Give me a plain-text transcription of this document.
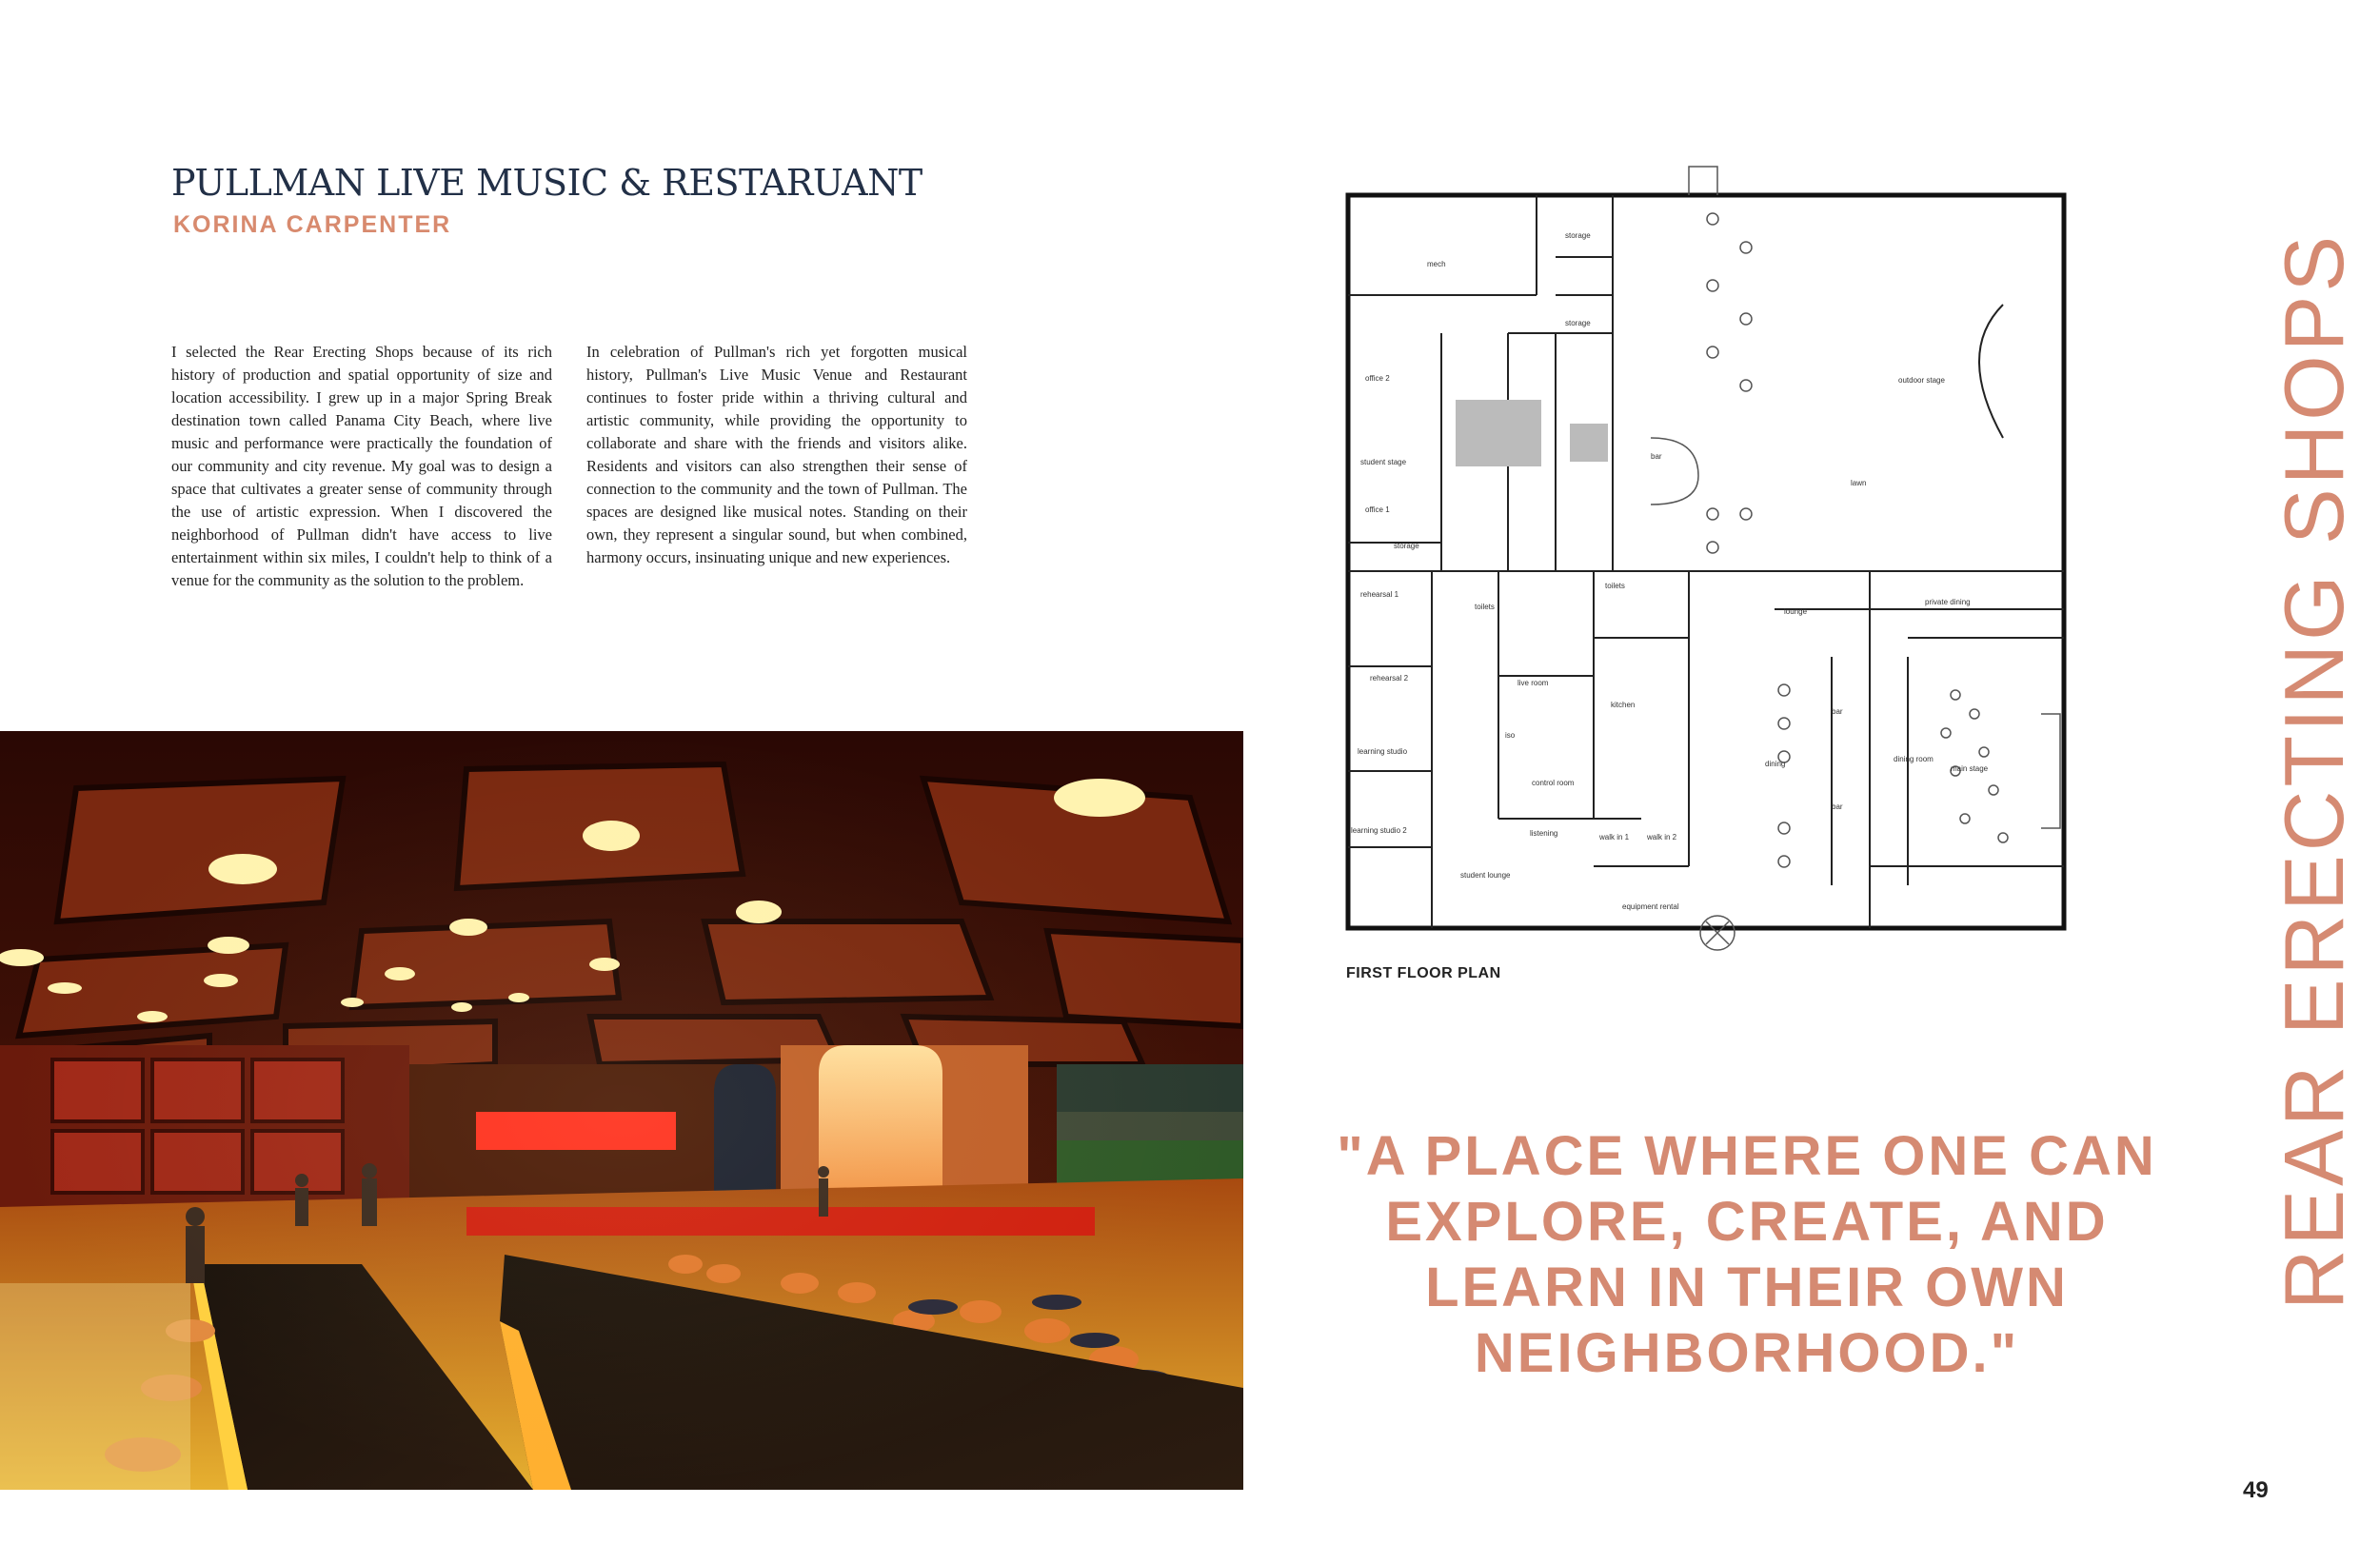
PULLMAN LIVE MUSIC & RESTARUANT
KORINA CARPENTER
I selected the Rear Erecting Shops because of its rich history of production and spatial opportunity of size and location accessibility. I grew up in a major Spring Break destination town called Panama City Beach, where live music and performance were practically the foundation of our community and city revenue. My goal was to design a space that cultivates a greater sense of community through the use of artistic expression. When I discovered the neighborhood of Pullman didn't have access to live entertainment within six miles, I couldn't help to think of a venue for the community as the solution to the problem.
In celebration of Pullman's rich yet forgotten musical history, Pullman's Live Music Venue and Restaurant continues to foster pride within a thriving cultural and artistic community, while providing the opportunity to collaborate and share with the friends and visitors alike. Residents and visitors can also strengthen their sense of connection to the community and the town of Pullman. The spaces are designed like musical notes. Standing on their own, they represent a singular sound, but when combined, harmony occurs, insinuating unique and new experiences.
mech
storage
storage
office 2
student stage
office 1
storage
bar
outdoor stage
lawn
rehearsal 1
rehearsal 2
learning studio
learning studio 2
toilets
toilets
live room
iso
control room
listening
student lounge
kitchen
walk in 1 walk in 2
equipment rental
lounge
private dining
bar
bar
dining
dining room
main stage
FIRST FLOOR PLAN
"A PLACE WHERE ONE CAN EXPLORE, CREATE, AND LEARN IN THEIR OWN NEIGHBORHOOD."
REAR ERECTING SHOPS
49
